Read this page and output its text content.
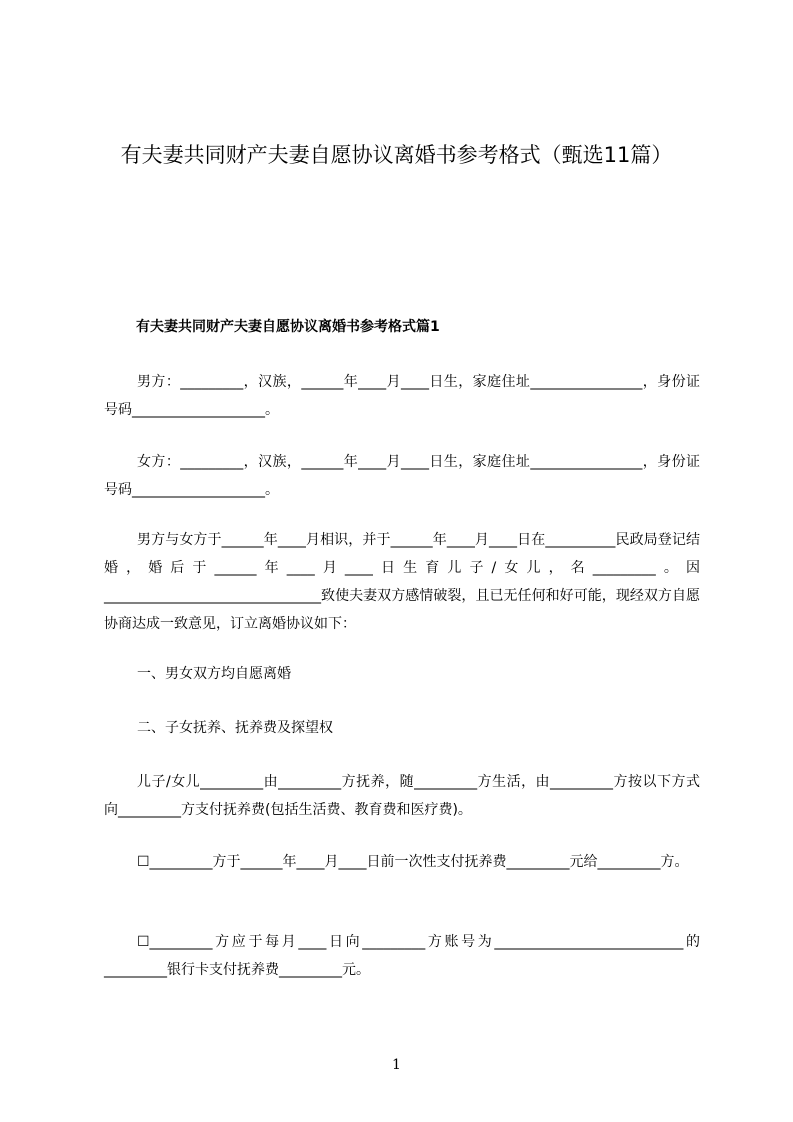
有夫妻共同财产夫妻自愿协议离婚书参考格式（甄选11篇）
有夫妻共同财产夫妻自愿协议离婚书参考格式篇1

男方：_________，汉族，______年____月____日生，家庭住址________________，身份证号码___________________。

女方：_________，汉族，______年____月____日生，家庭住址________________，身份证号码___________________。

男方与女方于______年____月相识，并于______年____月____日在__________民政局登记结婚，婚后于______年____月____日生育儿子/女儿，名_________。因_______________________________致使夫妻双方感情破裂，且已无任何和好可能，现经双方自愿协商达成一致意见，订立离婚协议如下：

一、男女双方均自愿离婚

二、子女抚养、抚养费及探望权

儿子/女儿_________由_________方抚养，随_________方生活，由_________方按以下方式向_________方支付抚养费(包括生活费、教育费和医疗费)。

☐_________方于______年____月____日前一次性支付抚养费_________元给_________方。

☐_________方应于每月____日向_________方账号为___________________________的_________银行卡支付抚养费_________元。

1
